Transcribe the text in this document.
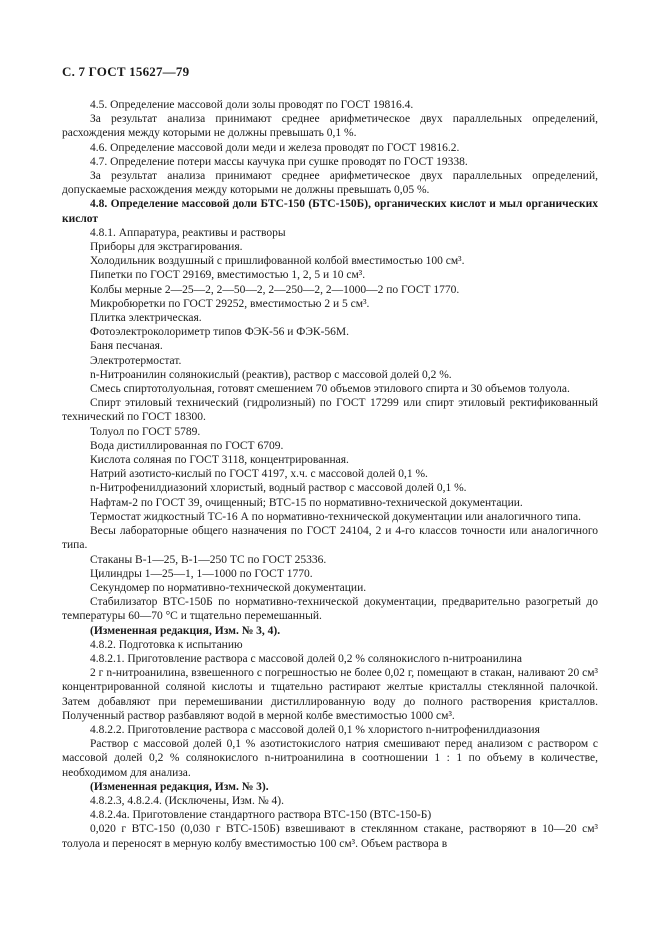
С. 7 ГОСТ 15627—79

4.5. Определение массовой доли золы проводят по ГОСТ 19816.4.

За результат анализа принимают среднее арифметическое двух параллельных определений, расхождения между которыми не должны превышать 0,1 %.

4.6. Определение массовой доли меди и железа проводят по ГОСТ 19816.2.

4.7. Определение потери массы каучука при сушке проводят по ГОСТ 19338.

За результат анализа принимают среднее арифметическое двух параллельных определений, допускаемые расхождения между которыми не должны превышать 0,05 %.

4.8. Определение массовой доли БТС-150 (БТС-150Б), органических кислот и мыл органических кислот

4.8.1. Аппаратура, реактивы и растворы

Приборы для экстрагирования.

Холодильник воздушный с пришлифованной колбой вместимостью 100 см³.

Пипетки по ГОСТ 29169, вместимостью 1, 2, 5 и 10 см³.

Колбы мерные 2—25—2, 2—50—2, 2—250—2, 2—1000—2 по ГОСТ 1770.

Микробюретки по ГОСТ 29252, вместимостью 2 и 5 см³.

Плитка электрическая.

Фотоэлектроколориметр типов ФЭК-56 и ФЭК-56М.

Баня песчаная.

Электротермостат.

n-Нитроанилин солянокислый (реактив), раствор с массовой долей 0,2 %.

Смесь спиртотолуольная, готовят смешением 70 объемов этилового спирта и 30 объемов толуола.

Спирт этиловый технический (гидролизный) по ГОСТ 17299 или спирт этиловый ректификованный технический по ГОСТ 18300.

Толуол по ГОСТ 5789.

Вода дистиллированная по ГОСТ 6709.

Кислота соляная по ГОСТ 3118, концентрированная.

Натрий азотисто-кислый по ГОСТ 4197, х.ч. с массовой долей 0,1 %.

n-Нитрофенилдиазоний хлористый, водный раствор с массовой долей 0,1 %.

Нафтам-2 по ГОСТ 39, очищенный; ВТС-15 по нормативно-технической документации.

Термостат жидкостный ТС-16 А по нормативно-технической документации или аналогичного типа.

Весы лабораторные общего назначения по ГОСТ 24104, 2 и 4-го классов точности или аналогичного типа.

Стаканы В-1—25, В-1—250 ТС по ГОСТ 25336.

Цилиндры 1—25—1, 1—1000 по ГОСТ 1770.

Секундомер по нормативно-технической документации.

Стабилизатор ВТС-150Б по нормативно-технической документации, предварительно разогретый до температуры 60—70 °С и тщательно перемешанный.

(Измененная редакция, Изм. № 3, 4).

4.8.2. Подготовка к испытанию

4.8.2.1. Приготовление раствора с массовой долей 0,2 % солянокислого n-нитроанилина

2 г n-нитроанилина, взвешенного с погрешностью не более 0,02 г, помещают в стакан, наливают 20 см³ концентрированной соляной кислоты и тщательно растирают желтые кристаллы стеклянной палочкой. Затем добавляют при перемешивании дистиллированную воду до полного растворения кристаллов. Полученный раствор разбавляют водой в мерной колбе вместимостью 1000 см³.

4.8.2.2. Приготовление раствора с массовой долей 0,1 % хлористого n-нитрофенилдиазония

Раствор с массовой долей 0,1 % азотистокислого натрия смешивают перед анализом с раствором с массовой долей 0,2 % солянокислого n-нитроанилина в соотношении 1 : 1 по объему в количестве, необходимом для анализа.

(Измененная редакция, Изм. № 3).

4.8.2.3, 4.8.2.4. (Исключены, Изм. № 4).

4.8.2.4а. Приготовление стандартного раствора ВТС-150 (ВТС-150-Б)

0,020 г ВТС-150 (0,030 г ВТС-150Б) взвешивают в стеклянном стакане, растворяют в 10—20 см³ толуола и переносят в мерную колбу вместимостью 100 см³. Объем раствора в
